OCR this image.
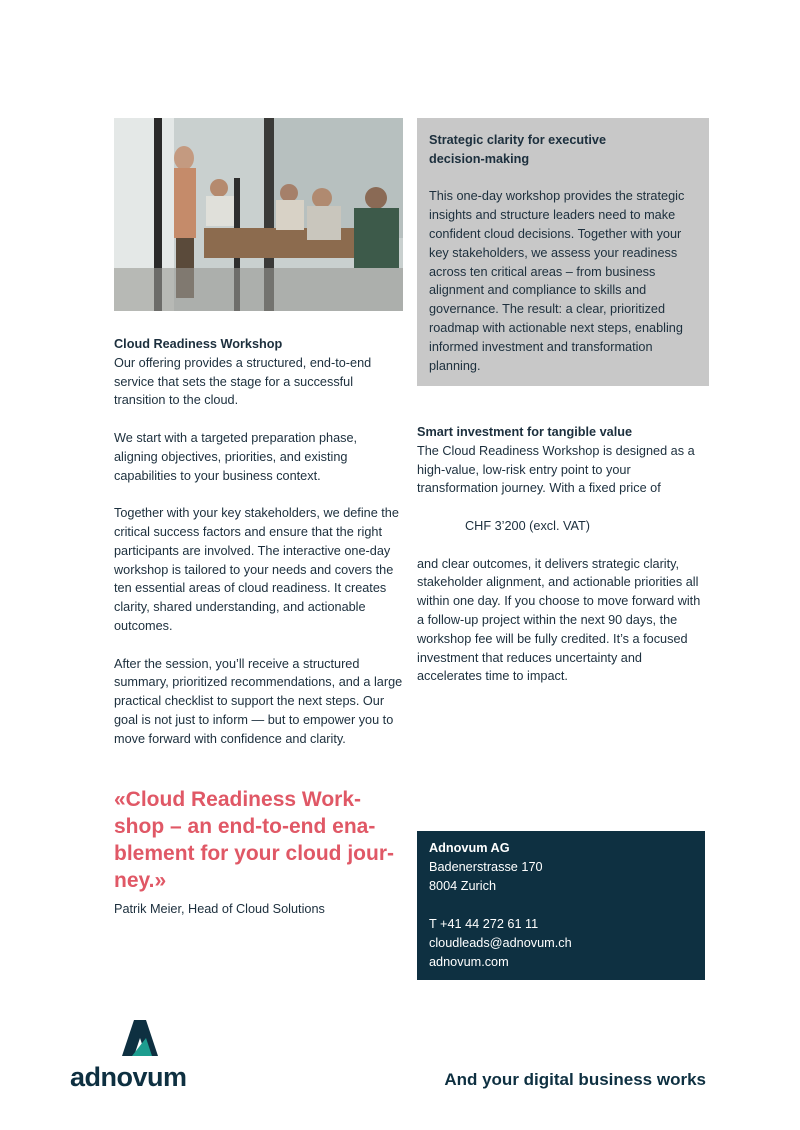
Strategic clarity for executive
decision-making
This one-day workshop provides the strategic insights and structure leaders need to make confident cloud decisions. Together with your key stakeholders, we assess your readiness across ten critical areas – from business alignment and compliance to skills and governance. The result: a clear, prioritized roadmap with actionable next steps, enabling informed investment and transformation planning.
Cloud Readiness Workshop

Our offering provides a structured, end-to-end service that sets the stage for a successful transition to the cloud.

We start with a targeted preparation phase, aligning objectives, priorities, and existing capabilities to your business context.

Together with your key stakeholders, we define the critical success factors and ensure that the right participants are involved. The interactive one-day workshop is tailored to your needs and covers the ten essential areas of cloud readiness. It creates clarity, shared understanding, and actionable outcomes.

After the session, you’ll receive a structured summary, prioritized recommendations, and a large practical checklist to support the next steps. Our goal is not just to inform — but to empower you to move forward with confidence and clarity.

Smart investment for tangible value

The Cloud Readiness Workshop is designed as a high-value, low-risk entry point to your transformation journey. With a fixed price of

CHF 3’200 (excl. VAT)

and clear outcomes, it delivers strategic clarity, stakeholder alignment, and actionable priorities all within one day. If you choose to move forward with a follow-up project within the next 90 days, the workshop fee will be fully credited. It’s a focused investment that reduces uncertainty and accelerates time to impact.

«Cloud Readiness Work-
shop – an end-to-end ena-
blement for your cloud jour-
ney.»
Patrik Meier, Head of Cloud Solutions
Adnovum AG
Badenerstrasse 170
8004 Zurich
T +41 44 272 61 11
cloudleads@adnovum.ch
adnovum.com
adnovum	And your digital business works
